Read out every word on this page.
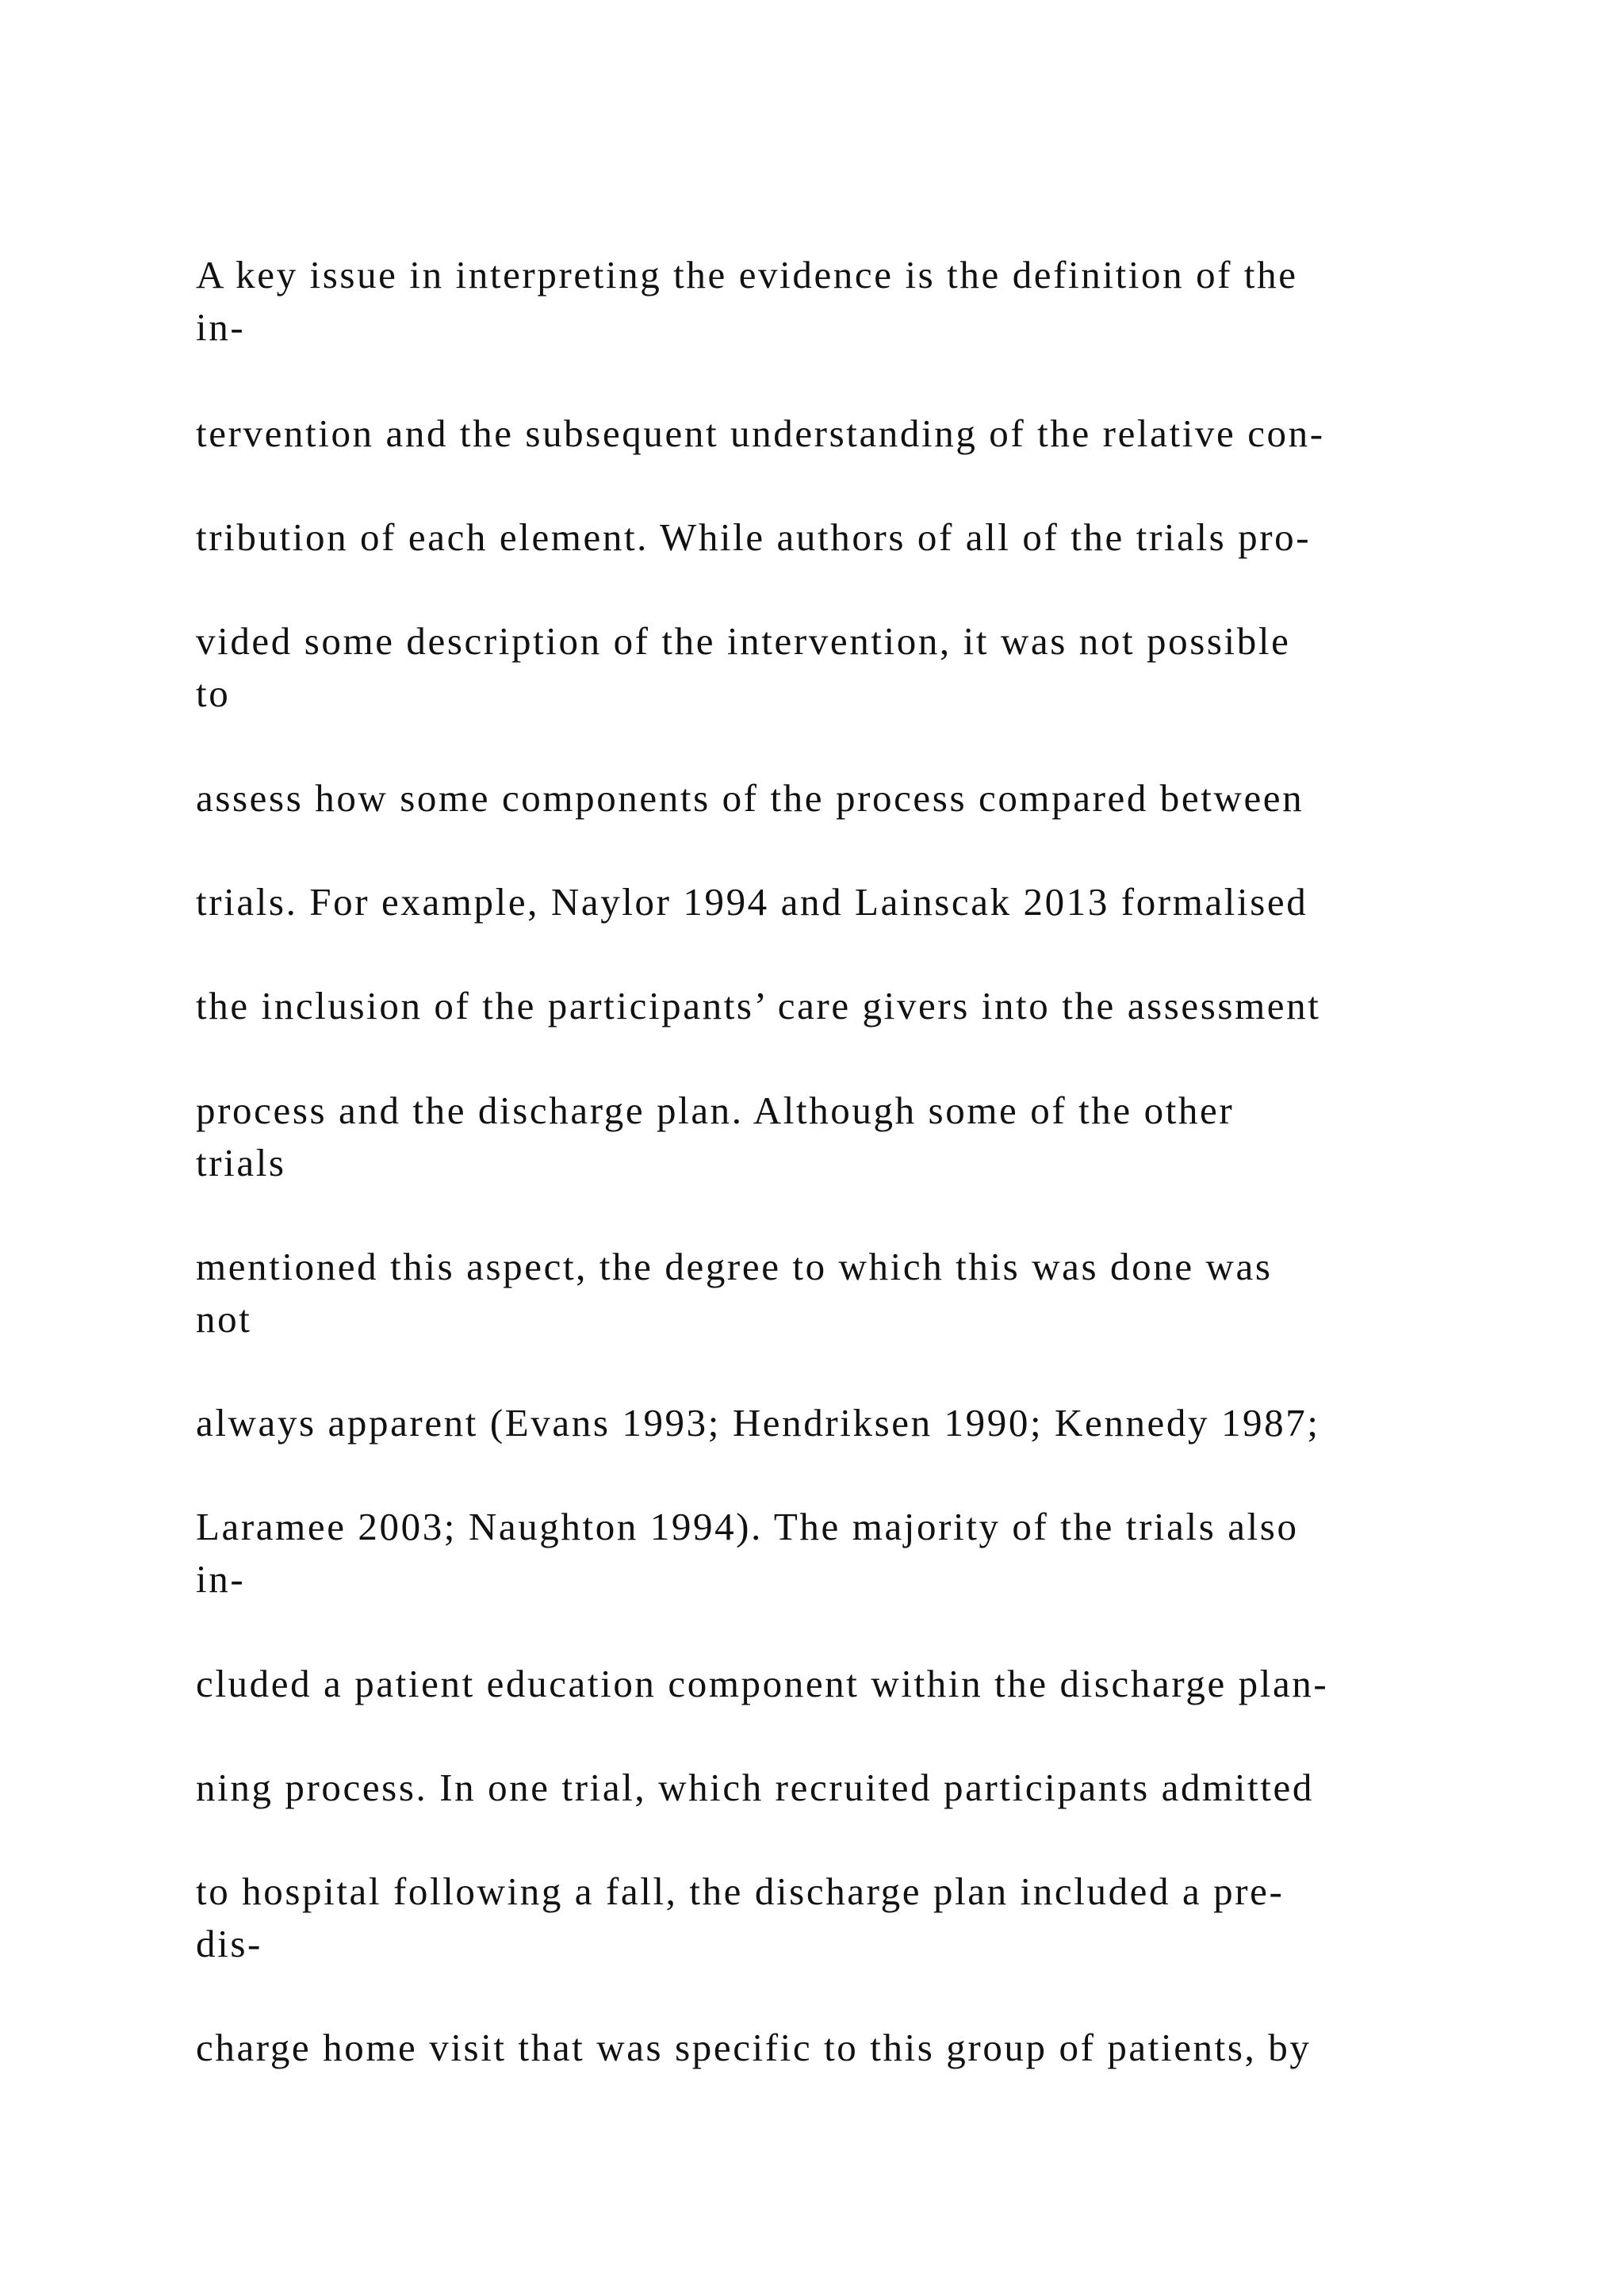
A key issue in interpreting the evidence is the definition of the

in-

tervention and the subsequent understanding of the relative con-

tribution of each element. While authors of all of the trials pro-

vided some description of the intervention, it was not possible

to

assess how some components of the process compared between

trials. For example, Naylor 1994 and Lainscak 2013 formalised

the inclusion of the participants’ care givers into the assessment

process and the discharge plan. Although some of the other

trials

mentioned this aspect, the degree to which this was done was

not

always apparent (Evans 1993; Hendriksen 1990; Kennedy 1987;

Laramee 2003; Naughton 1994). The majority of the trials also

in-

cluded a patient education component within the discharge plan-

ning process. In one trial, which recruited participants admitted

to hospital following a fall, the discharge plan included a pre-

dis-

charge home visit that was specific to this group of patients, by
